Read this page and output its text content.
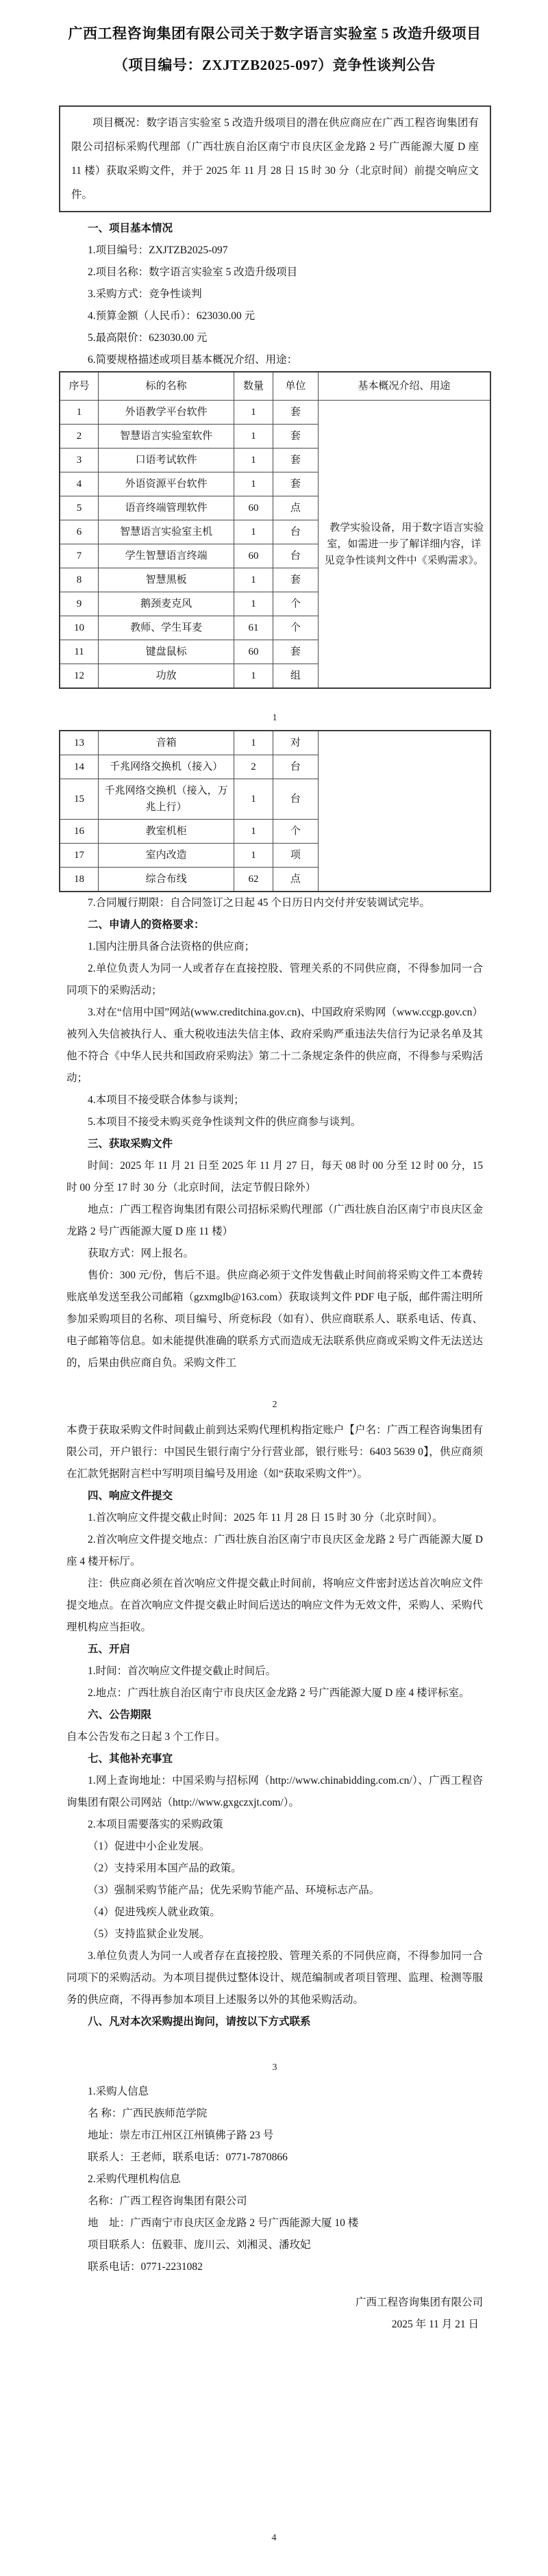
广西工程咨询集团有限公司关于数字语言实验室 5 改造升级项目
（项目编号：ZXJTZB2025-097）竞争性谈判公告
项目概况：数字语言实验室 5 改造升级项目的潜在供应商应在广西工程咨询集团有限公司招标采购代理部（广西壮族自治区南宁市良庆区金龙路 2 号广西能源大厦 D 座 11 楼）获取采购文件，并于 2025 年 11 月 28 日 15 时 30 分（北京时间）前提交响应文件。

一、项目基本情况

1.项目编号：ZXJTZB2025-097

2.项目名称：数字语言实验室 5 改造升级项目

3.采购方式：竞争性谈判

4.预算金额（人民币）：623030.00 元

5.最高限价：623030.00 元

6.简要规格描述或项目基本概况介绍、用途：

序号	标的名称	数量	单位	基本概况介绍、用途
1	外语教学平台软件	1	套	教学实验设备，用于数字语言实验室，如需进一步了解详细内容，详见竞争性谈判文件中《采购需求》。
2	智慧语言实验室软件	1	套	
3	口语考试软件	1	套	
4	外语资源平台软件	1	套	
5	语音终端管理软件	60	点	
6	智慧语言实验室主机	1	台	
7	学生智慧语言终端	60	台	
8	智慧黑板	1	套	
9	鹅颈麦克风	1	个	
10	教师、学生耳麦	61	个	
11	键盘鼠标	60	套	
12	功放	1	组	
1
13	音箱	1	对	
14	千兆网络交换机（接入）	2	台	
15	千兆网络交换机（接入，万兆上行）	1	台	
16	教室机柜	1	个	
17	室内改造	1	项	
18	综合布线	62	点	

7.合同履行期限：自合同签订之日起 45 个日历日内交付并安装调试完毕。

二、申请人的资格要求：

1.国内注册具备合法资格的供应商；

2.单位负责人为同一人或者存在直接控股、管理关系的不同供应商，不得参加同一合同项下的采购活动；

3.对在“信用中国”网站(www.creditchina.gov.cn)、中国政府采购网（www.ccgp.gov.cn）被列入失信被执行人、重大税收违法失信主体、政府采购严重违法失信行为记录名单及其他不符合《中华人民共和国政府采购法》第二十二条规定条件的供应商，不得参与采购活动；

4.本项目不接受联合体参与谈判；

5.本项目不接受未购买竞争性谈判文件的供应商参与谈判。

三、获取采购文件

时间：2025 年 11 月 21 日至 2025 年 11 月 27 日，每天 08 时 00 分至 12 时 00 分，15 时 00 分至 17 时 30 分（北京时间，法定节假日除外）

地点：广西工程咨询集团有限公司招标采购代理部（广西壮族自治区南宁市良庆区金龙路 2 号广西能源大厦 D 座 11 楼）

获取方式：网上报名。

售价：300 元/份，售后不退。供应商必须于文件发售截止时间前将采购文件工本费转账底单发送至我公司邮箱（gzxmglb@163.com）获取谈判文件 PDF 电子版，邮件需注明所参加采购项目的名称、项目编号、所竞标段（如有）、供应商联系人、联系电话、传真、电子邮箱等信息。如未能提供准确的联系方式而造成无法联系供应商或采购文件无法送达的，后果由供应商自负。采购文件工

2

本费于获取采购文件时间截止前到达采购代理机构指定账户【户名：广西工程咨询集团有限公司，开户银行：中国民生银行南宁分行营业部，银行账号：6403 5639 0】，供应商须在汇款凭据附言栏中写明项目编号及用途（如“获取采购文件”）。

四、响应文件提交

1.首次响应文件提交截止时间：2025 年 11 月 28 日 15 时 30 分（北京时间）。

2.首次响应文件提交地点：广西壮族自治区南宁市良庆区金龙路 2 号广西能源大厦 D 座 4 楼开标厅。

注：供应商必须在首次响应文件提交截止时间前，将响应文件密封送达首次响应文件提交地点。在首次响应文件提交截止时间后送达的响应文件为无效文件，采购人、采购代理机构应当拒收。

五、开启

1.时间：首次响应文件提交截止时间后。

2.地点：广西壮族自治区南宁市良庆区金龙路 2 号广西能源大厦 D 座 4 楼评标室。

六、公告期限

自本公告发布之日起 3 个工作日。

七、其他补充事宜

1.网上查询地址：中国采购与招标网（http://www.chinabidding.com.cn/）、广西工程咨询集团有限公司网站（http://www.gxgczxjt.com/）。

2.本项目需要落实的采购政策

（1）促进中小企业发展。

（2）支持采用本国产品的政策。

（3）强制采购节能产品；优先采购节能产品、环境标志产品。

（4）促进残疾人就业政策。

（5）支持监狱企业发展。

3.单位负责人为同一人或者存在直接控股、管理关系的不同供应商，不得参加同一合同项下的采购活动。为本项目提供过整体设计、规范编制或者项目管理、监理、检测等服务的供应商，不得再参加本项目上述服务以外的其他采购活动。

八、凡对本次采购提出询问，请按以下方式联系

3

1.采购人信息

名 称：广西民族师范学院

地址：崇左市江州区江州镇佛子路 23 号

联系人：王老师，联系电话：0771-7870866

2.采购代理机构信息

名称：广西工程咨询集团有限公司

地　址：广西南宁市良庆区金龙路 2 号广西能源大厦 10 楼

项目联系人：伍毅菲、庞川云、刘湘灵、潘玫妃

联系电话：0771-2231082

广西工程咨询集团有限公司

2025 年 11 月 21 日

4
